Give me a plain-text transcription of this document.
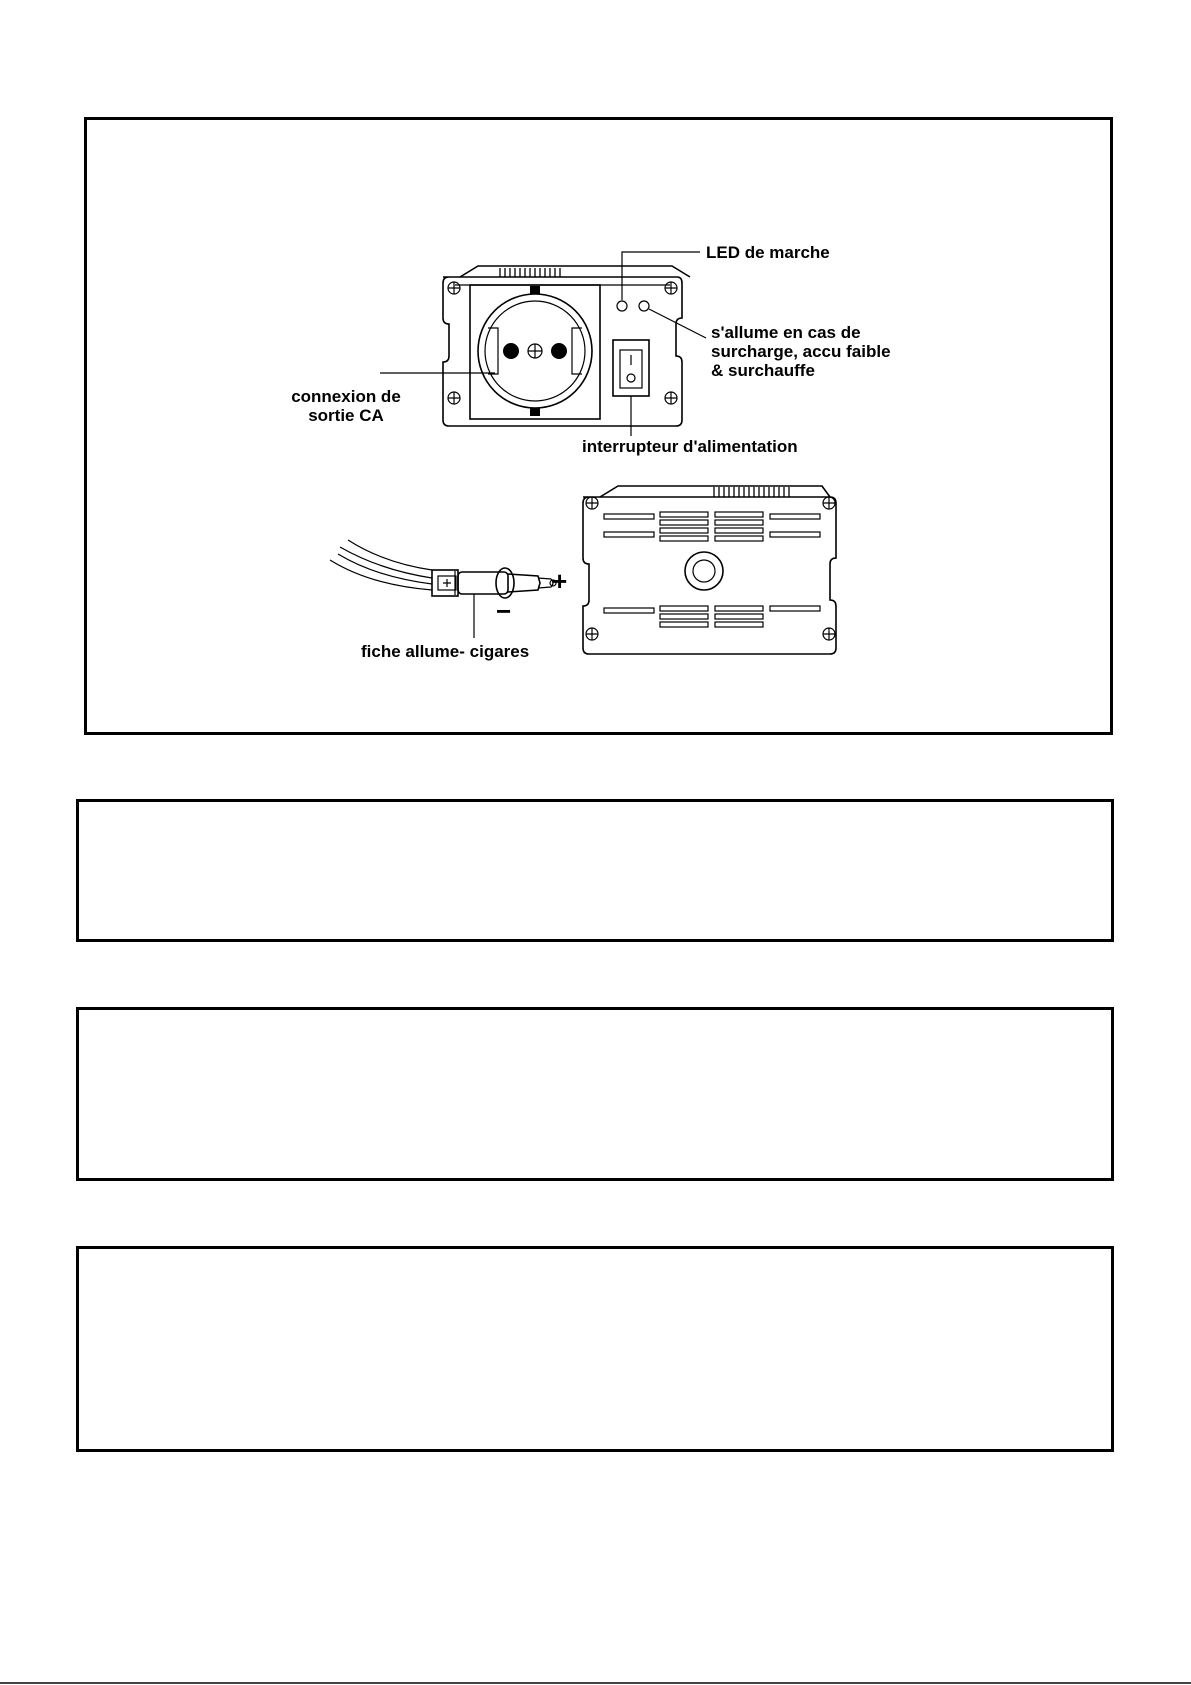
LED de marche
s'allume en cas de
surcharge, accu faible
& surchauffe
connexion de
sortie CA
interrupteur d'alimentation
+
−
fiche allume- cigares
